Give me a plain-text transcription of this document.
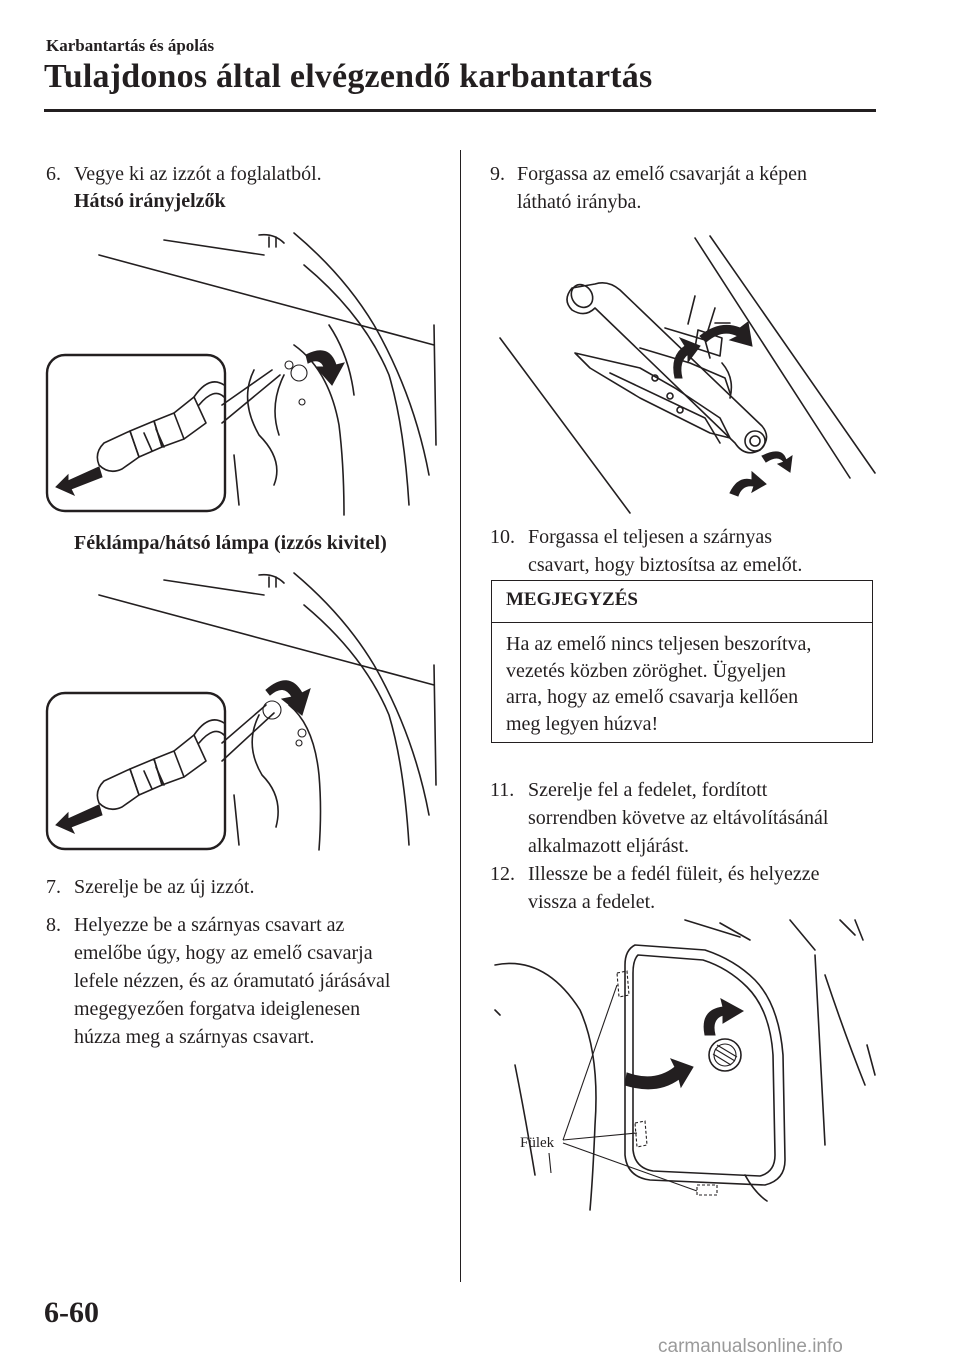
Karbantartás és ápolás
Tulajdonos által elvégzendő karbantartás
6. Vegye ki az izzót a foglalatból.
Hátsó irányjelzők
Féklámpa/hátsó lámpa (izzós kivitel)
7. Szerelje be az új izzót.
8. Helyezze be a szárnyas csavart az
emelőbe úgy, hogy az emelő csavarja
lefele nézzen, és az óramutató járásával
megegyezően forgatva ideiglenesen
húzza meg a szárnyas csavart.
9. Forgassa az emelő csavarját a képen
látható irányba.
10. Forgassa el teljesen a szárnyas
csavart, hogy biztosítsa az emelőt.
MEGJEGYZÉS
Ha az emelő nincs teljesen beszorítva,
vezetés közben zöröghet. Ügyeljen
arra, hogy az emelő csavarja kellően
meg legyen húzva!
11. Szerelje fel a fedelet, fordított
sorrendben követve az eltávolításánál
alkalmazott eljárást.
12. Illessze be a fedél füleit, és helyezze
vissza a fedelet.
Fülek
6-60
carmanualsonline.info
